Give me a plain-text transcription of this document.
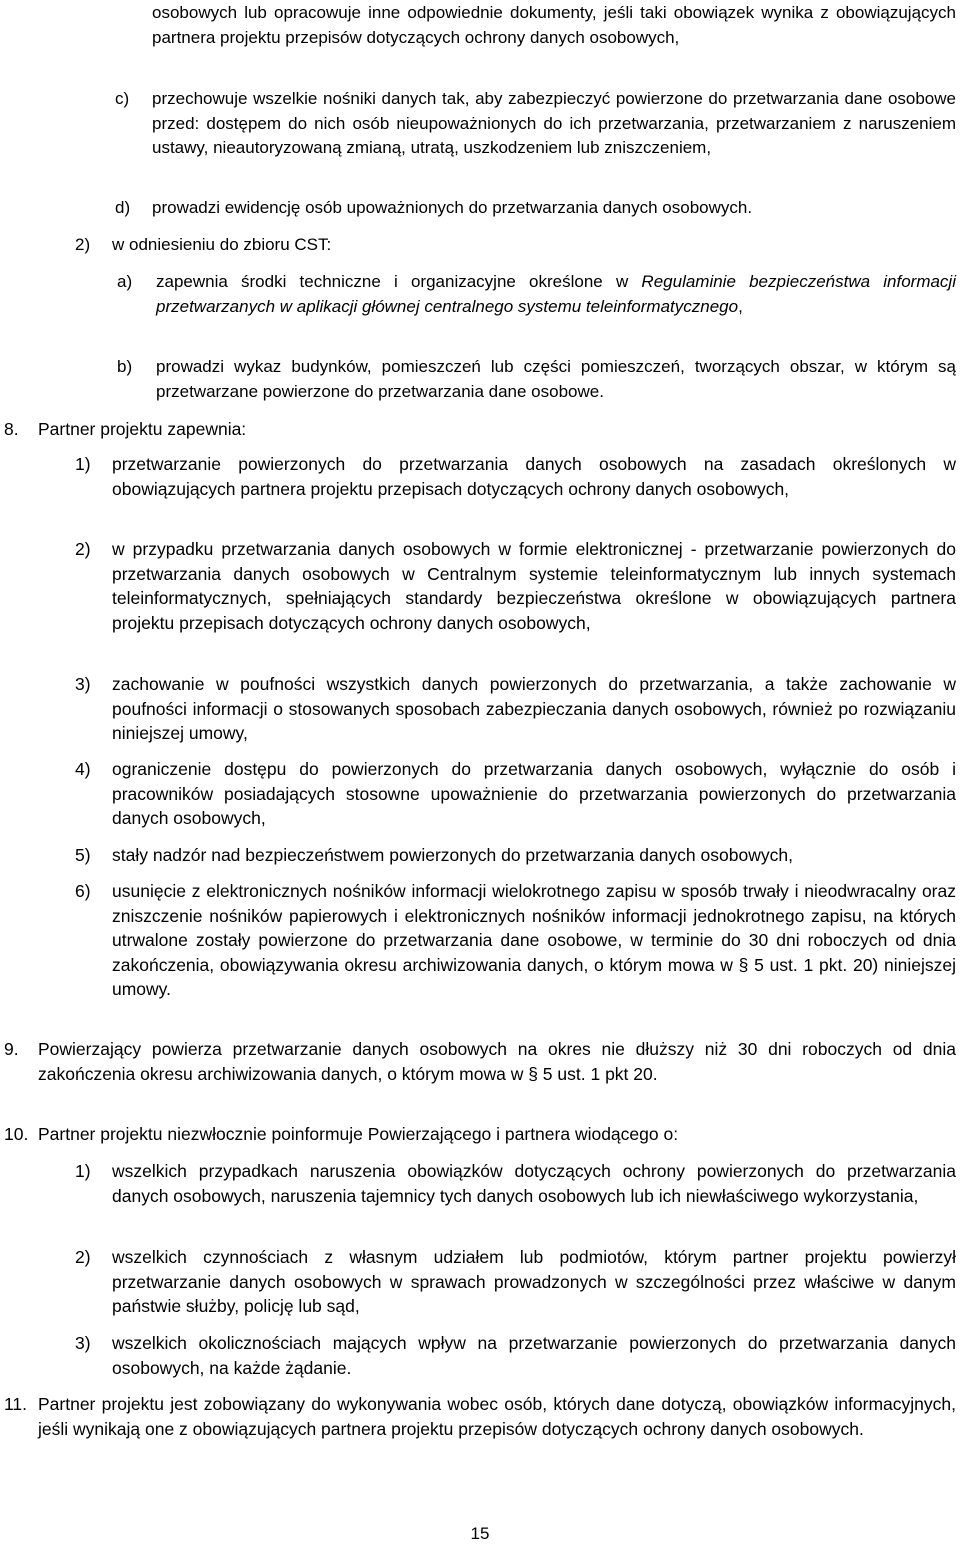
osobowych lub opracowuje inne odpowiednie dokumenty, jeśli taki obowiązek wynika z obowiązujących partnera projektu przepisów dotyczących ochrony danych osobowych,

c) przechowuje wszelkie nośniki danych tak, aby zabezpieczyć powierzone do przetwarzania dane osobowe przed: dostępem do nich osób nieupoważnionych do ich przetwarzania, przetwarzaniem z naruszeniem ustawy, nieautoryzowaną zmianą, utratą, uszkodzeniem lub zniszczeniem,

d) prowadzi ewidencję osób upoważnionych do przetwarzania danych osobowych.

2) w odniesieniu do zbioru CST:

a) zapewnia środki techniczne i organizacyjne określone w Regulaminie bezpieczeństwa informacji przetwarzanych w aplikacji głównej centralnego systemu teleinformatycznego,

b) prowadzi wykaz budynków, pomieszczeń lub części pomieszczeń, tworzących obszar, w którym są przetwarzane powierzone do przetwarzania dane osobowe.

8. Partner projektu zapewnia:

1) przetwarzanie powierzonych do przetwarzania danych osobowych na zasadach określonych w obowiązujących partnera projektu przepisach dotyczących ochrony danych osobowych,

2) w przypadku przetwarzania danych osobowych w formie elektronicznej - przetwarzanie powierzonych do przetwarzania danych osobowych w Centralnym systemie teleinformatycznym lub innych systemach teleinformatycznych, spełniających standardy bezpieczeństwa określone w obowiązujących partnera projektu przepisach dotyczących ochrony danych osobowych,

3) zachowanie w poufności wszystkich danych powierzonych do przetwarzania, a także zachowanie w poufności informacji o stosowanych sposobach zabezpieczania danych osobowych, również po rozwiązaniu niniejszej umowy,

4) ograniczenie dostępu do powierzonych do przetwarzania danych osobowych, wyłącznie do osób i pracowników posiadających stosowne upoważnienie do przetwarzania powierzonych do przetwarzania danych osobowych,

5) stały nadzór nad bezpieczeństwem powierzonych do przetwarzania danych osobowych,

6) usunięcie z elektronicznych nośników informacji wielokrotnego zapisu w sposób trwały i nieodwracalny oraz zniszczenie nośników papierowych i elektronicznych nośników informacji jednokrotnego zapisu, na których utrwalone zostały powierzone do przetwarzania dane osobowe, w terminie do 30 dni roboczych od dnia zakończenia, obowiązywania okresu archiwizowania danych, o którym mowa w § 5 ust. 1 pkt. 20) niniejszej umowy.

9. Powierzający powierza przetwarzanie danych osobowych na okres nie dłuższy niż 30 dni roboczych od dnia zakończenia okresu archiwizowania danych, o którym mowa w § 5 ust. 1 pkt 20.

10. Partner projektu niezwłocznie poinformuje Powierzającego i partnera wiodącego o:

1) wszelkich przypadkach naruszenia obowiązków dotyczących ochrony powierzonych do przetwarzania danych osobowych, naruszenia tajemnicy tych danych osobowych lub ich niewłaściwego wykorzystania,

2) wszelkich czynnościach z własnym udziałem lub podmiotów, którym partner projektu powierzył przetwarzanie danych osobowych w sprawach prowadzonych w szczególności przez właściwe w danym państwie służby, policję lub sąd,

3) wszelkich okolicznościach mających wpływ na przetwarzanie powierzonych do przetwarzania danych osobowych, na każde żądanie.

11. Partner projektu jest zobowiązany do wykonywania wobec osób, których dane dotyczą, obowiązków informacyjnych, jeśli wynikają one z obowiązujących partnera projektu przepisów dotyczących ochrony danych osobowych.

15
